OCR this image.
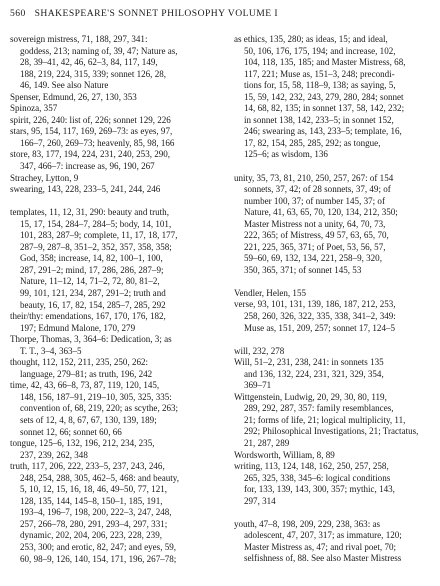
560 SHAKESPEARE'S SONNET PHILOSOPHY VOLUME I
sovereign mistress, 71, 188, 297, 341:
goddess, 213; naming of, 39, 47; Nature as,
28, 39–41, 42, 46, 62–3, 84, 117, 149,
188, 219, 224, 315, 339; sonnet 126, 28,
46, 149. See also Nature
Spenser, Edmund, 26, 27, 130, 353
Spinoza, 357
spirit, 226, 240: list of, 226; sonnet 129, 226
stars, 95, 154, 117, 169, 269–73: as eyes, 97,
166–7, 260, 269–73; heavenly, 85, 98, 166
store, 83, 177, 194, 224, 231, 240, 253, 290,
347, 466–7: increase as, 96, 190, 267
Strachey, Lytton, 9
swearing, 143, 228, 233–5, 241, 244, 246
templates, 11, 12, 31, 290: beauty and truth,
15, 17, 154, 284–7, 284–5; body, 14, 101,
101, 283, 287–9; complete, 11, 17, 18, 177,
287–9, 287–8, 351–2, 352, 357, 358, 358;
God, 358; increase, 14, 82, 100–1, 100,
287, 291–2; mind, 17, 286, 286, 287–9;
Nature, 11–12, 14, 71–2, 72, 80, 81–2,
99, 101, 121, 234, 287, 291–2; truth and
beauty, 16, 17, 82, 154, 285–7, 285, 292
their/thy: emendations, 167, 170, 176, 182,
197; Edmund Malone, 170, 279
Thorpe, Thomas, 3, 364–6: Dedication, 3; as
T. T., 3–4, 363–5
thought, 112, 152, 211, 235, 250, 262:
language, 279–81; as truth, 196, 242
time, 42, 43, 66–8, 73, 87, 119, 120, 145,
148, 156, 187–91, 219–10, 305, 325, 335:
convention of, 68, 219, 220; as scythe, 263;
sets of 12, 4, 8, 67, 67, 130, 139, 189;
sonnet 12, 66; sonnet 60, 66
tongue, 125–6, 132, 196, 212, 234, 235,
237, 239, 262, 348
truth, 117, 206, 222, 233–5, 237, 243, 246,
248, 254, 288, 305, 462–5, 468: and beauty,
5, 10, 12, 15, 16, 18, 46, 49–50, 77, 121,
128, 135, 144, 145–8, 150–1, 185, 191,
193–4, 196–7, 198, 200, 222–3, 247, 248,
257, 266–78, 280, 291, 293–4, 297, 331;
dynamic, 202, 204, 206, 223, 228, 239,
253, 300; and erotic, 82, 247; and eyes, 59,
60, 98–9, 126, 140, 154, 171, 196, 267–78;
as ethics, 135, 280; as ideas, 15; and ideal,
50, 106, 176, 175, 194; and increase, 102,
104, 118, 135, 185; and Master Mistress, 68,
117, 221; Muse as, 151–3, 248; precondi-
tions for, 15, 58, 118–9, 138; as saying, 5,
15, 59, 142, 232, 243, 279, 280, 284; sonnet
14, 68, 82, 135; in sonnet 137, 58, 142, 232;
in sonnet 138, 142, 233–5; in sonnet 152,
246; swearing as, 143, 233–5; template, 16,
17, 82, 154, 285, 285, 292; as tongue,
125–6; as wisdom, 136
unity, 35, 73, 81, 210, 250, 257, 267: of 154
sonnets, 37, 42; of 28 sonnets, 37, 49; of
number 100, 37; of number 145, 37; of
Nature, 41, 63, 65, 70, 120, 134, 212, 350;
Master Mistress not a unity, 64, 70, 73,
222, 365; of Mistress, 49 57, 63, 65, 70,
221, 225, 365, 371; of Poet, 53, 56, 57,
59–60, 69, 132, 134, 221, 258–9, 320,
350, 365, 371; of sonnet 145, 53
Vendler, Helen, 155
verse, 93, 101, 131, 139, 186, 187, 212, 253,
258, 260, 326, 322, 335, 338, 341–2, 349:
Muse as, 151, 209, 257; sonnet 17, 124–5
will, 232, 278
Will, 51–2, 231, 238, 241: in sonnets 135
and 136, 132, 224, 231, 321, 329, 354,
369–71
Wittgenstein, Ludwig, 20, 29, 30, 80, 119,
289, 292, 287, 357: family resemblances,
21; forms of life, 21; logical multiplicity, 11,
292; Philosophical Investigations, 21; Tractatus,
21, 287, 289
Wordsworth, William, 8, 89
writing, 113, 124, 148, 162, 250, 257, 258,
265, 325, 338, 345–6: logical conditions
for, 133, 139, 143, 300, 357; mythic, 143,
297, 314
youth, 47–8, 198, 209, 229, 238, 363: as
adolescent, 47, 207, 317; as immature, 120;
Master Mistress as, 47; and rival poet, 70;
selfishness of, 88. See also Master Mistress
